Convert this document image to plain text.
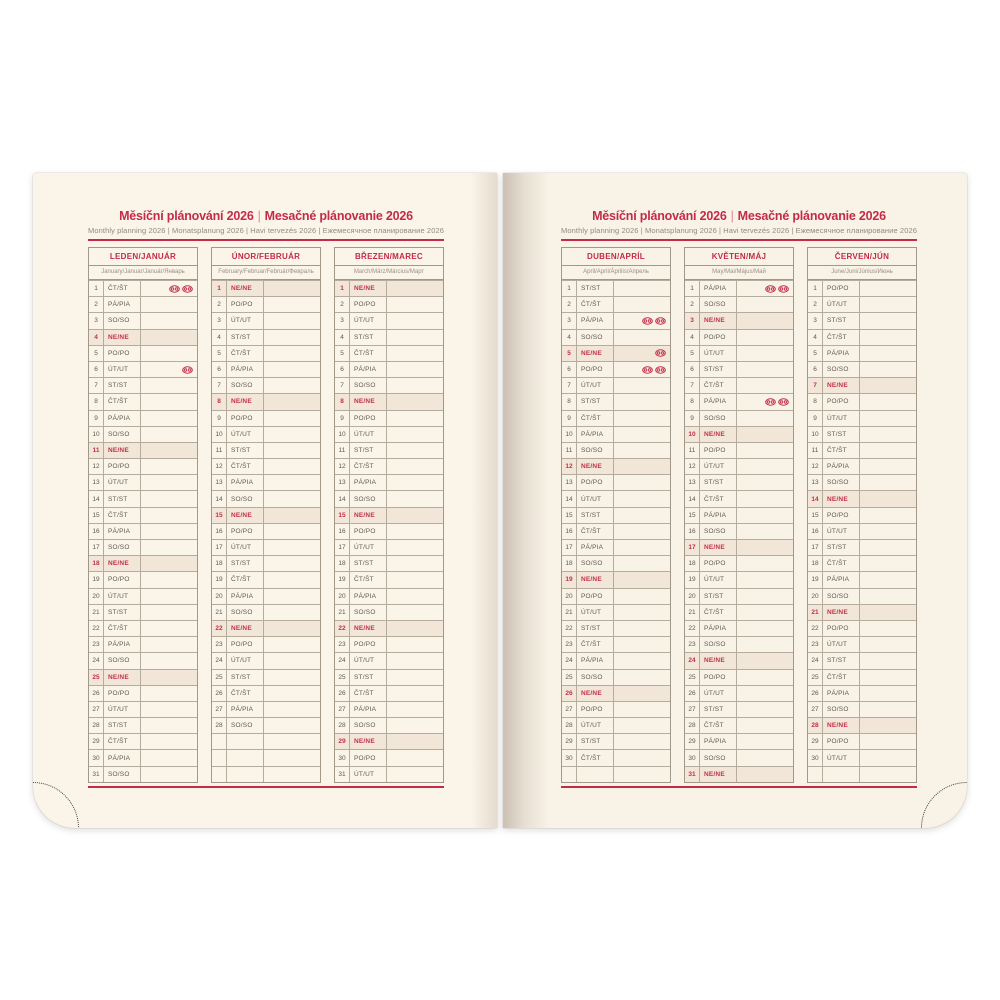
Měsíční plánování 2026 | Mesačné plánovanie 2026
Monthly planning 2026 | Monatsplanung 2026 | Havi tervezés 2026 | Ежемесячное планирование 2026
LEDEN/JANUÁR
January/Januar/Január/Январь
1	ČT/ŠT
2	PÁ/PIA
3	SO/SO
4	NE/NE
5	PO/PO
6	ÚT/UT
7	ST/ST
8	ČT/ŠT
9	PÁ/PIA
10	SO/SO
11	NE/NE
12	PO/PO
13	ÚT/UT
14	ST/ST
15	ČT/ŠT
16	PÁ/PIA
17	SO/SO
18	NE/NE
19	PO/PO
20	ÚT/UT
21	ST/ST
22	ČT/ŠT
23	PÁ/PIA
24	SO/SO
25	NE/NE
26	PO/PO
27	ÚT/UT
28	ST/ST
29	ČT/ŠT
30	PÁ/PIA
31	SO/SO
ÚNOR/FEBRUÁR
February/Februar/Február/Февраль
1	NE/NE
2	PO/PO
3	ÚT/UT
4	ST/ST
5	ČT/ŠT
6	PÁ/PIA
7	SO/SO
8	NE/NE
9	PO/PO
10	ÚT/UT
11	ST/ST
12	ČT/ŠT
13	PÁ/PIA
14	SO/SO
15	NE/NE
16	PO/PO
17	ÚT/UT
18	ST/ST
19	ČT/ŠT
20	PÁ/PIA
21	SO/SO
22	NE/NE
23	PO/PO
24	ÚT/UT
25	ST/ST
26	ČT/ŠT
27	PÁ/PIA
28	SO/SO
BŘEZEN/MAREC
March/März/Március/Март
1	NE/NE
2	PO/PO
3	ÚT/UT
4	ST/ST
5	ČT/ŠT
6	PÁ/PIA
7	SO/SO
8	NE/NE
9	PO/PO
10	ÚT/UT
11	ST/ST
12	ČT/ŠT
13	PÁ/PIA
14	SO/SO
15	NE/NE
16	PO/PO
17	ÚT/UT
18	ST/ST
19	ČT/ŠT
20	PÁ/PIA
21	SO/SO
22	NE/NE
23	PO/PO
24	ÚT/UT
25	ST/ST
26	ČT/ŠT
27	PÁ/PIA
28	SO/SO
29	NE/NE
30	PO/PO
31	ÚT/UT
Měsíční plánování 2026 | Mesačné plánovanie 2026
Monthly planning 2026 | Monatsplanung 2026 | Havi tervezés 2026 | Ежемесячное планирование 2026
DUBEN/APRÍL
April/April/Április/Апрель
1	ST/ST
2	ČT/ŠT
3	PÁ/PIA
4	SO/SO
5	NE/NE
6	PO/PO
7	ÚT/UT
8	ST/ST
9	ČT/ŠT
10	PÁ/PIA
11	SO/SO
12	NE/NE
13	PO/PO
14	ÚT/UT
15	ST/ST
16	ČT/ŠT
17	PÁ/PIA
18	SO/SO
19	NE/NE
20	PO/PO
21	ÚT/UT
22	ST/ST
23	ČT/ŠT
24	PÁ/PIA
25	SO/SO
26	NE/NE
27	PO/PO
28	ÚT/UT
29	ST/ST
30	ČT/ŠT
KVĚTEN/MÁJ
May/Mai/Május/Май
1	PÁ/PIA
2	SO/SO
3	NE/NE
4	PO/PO
5	ÚT/UT
6	ST/ST
7	ČT/ŠT
8	PÁ/PIA
9	SO/SO
10	NE/NE
11	PO/PO
12	ÚT/UT
13	ST/ST
14	ČT/ŠT
15	PÁ/PIA
16	SO/SO
17	NE/NE
18	PO/PO
19	ÚT/UT
20	ST/ST
21	ČT/ŠT
22	PÁ/PIA
23	SO/SO
24	NE/NE
25	PO/PO
26	ÚT/UT
27	ST/ST
28	ČT/ŠT
29	PÁ/PIA
30	SO/SO
31	NE/NE
ČERVEN/JÚN
June/Juni/Június/Июнь
1	PO/PO
2	ÚT/UT
3	ST/ST
4	ČT/ŠT
5	PÁ/PIA
6	SO/SO
7	NE/NE
8	PO/PO
9	ÚT/UT
10	ST/ST
11	ČT/ŠT
12	PÁ/PIA
13	SO/SO
14	NE/NE
15	PO/PO
16	ÚT/UT
17	ST/ST
18	ČT/ŠT
19	PÁ/PIA
20	SO/SO
21	NE/NE
22	PO/PO
23	ÚT/UT
24	ST/ST
25	ČT/ŠT
26	PÁ/PIA
27	SO/SO
28	NE/NE
29	PO/PO
30	ÚT/UT
